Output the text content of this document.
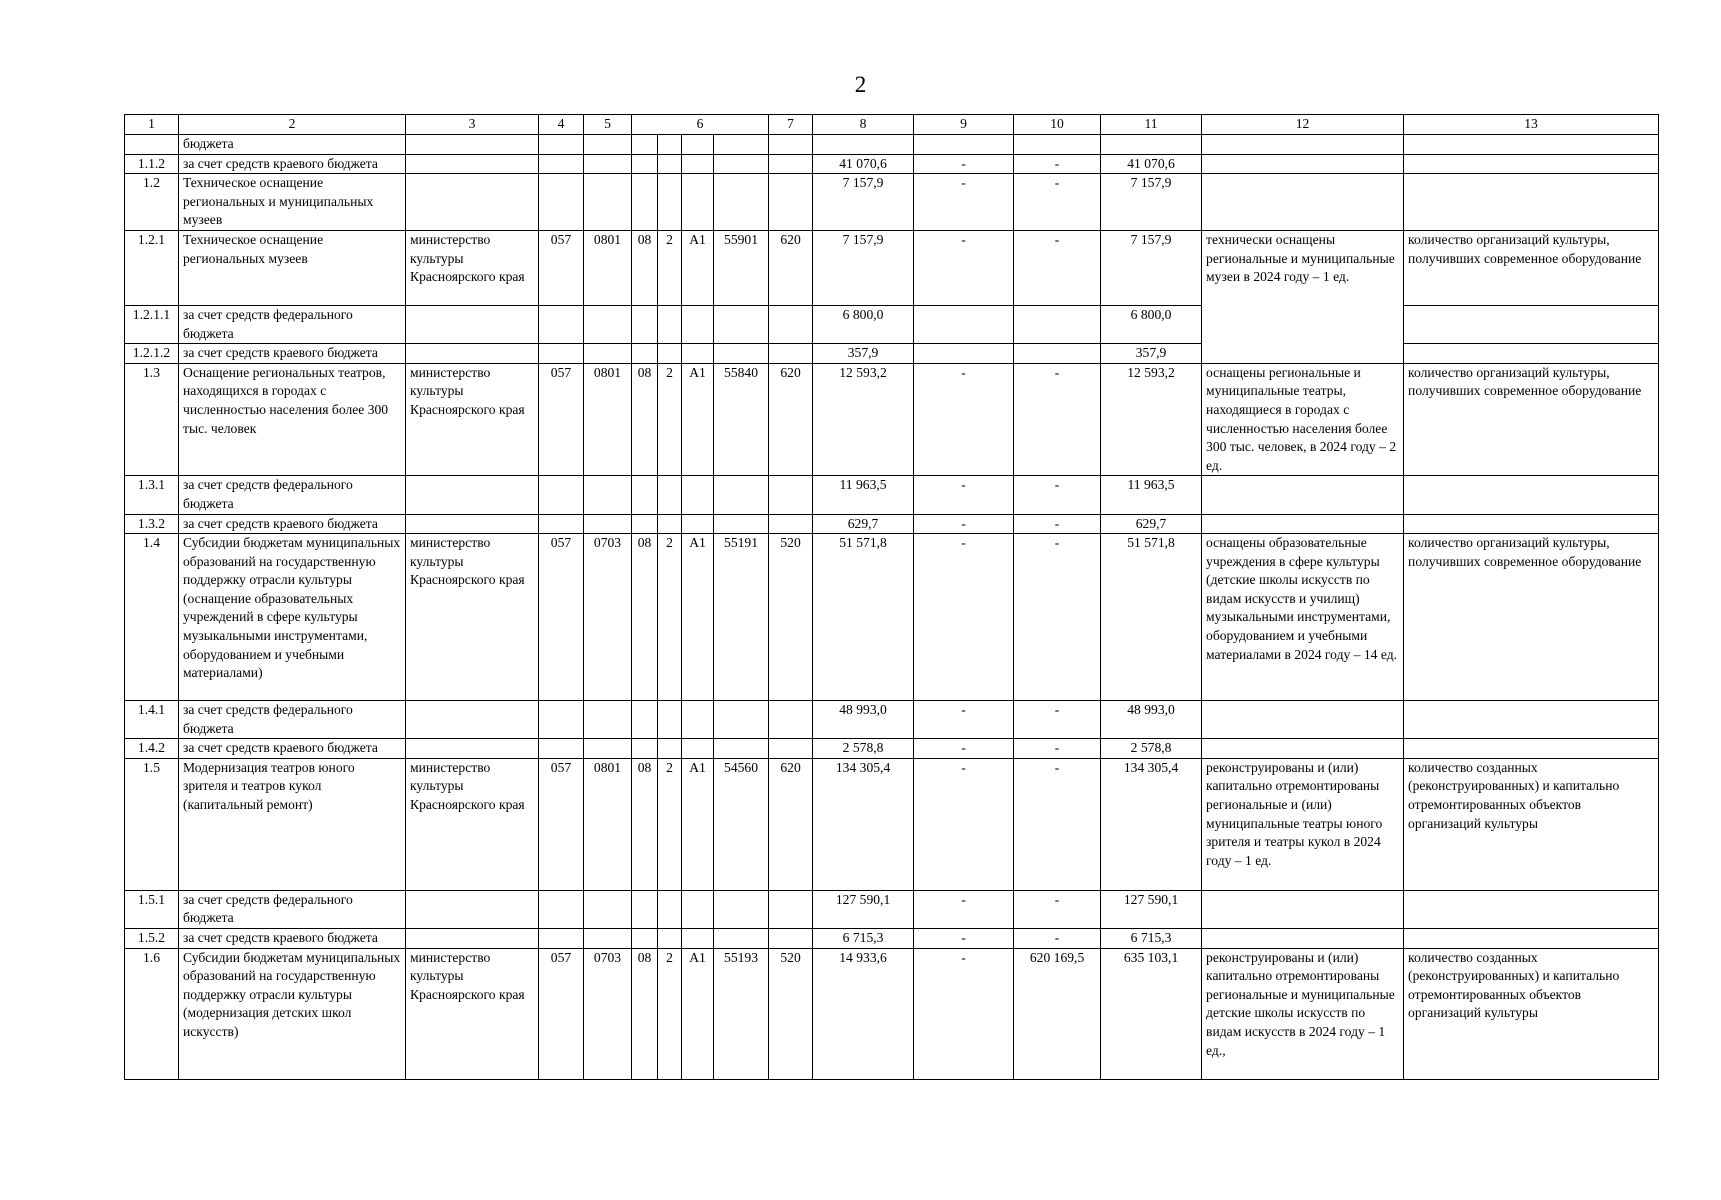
2
1	2	3	4	5	6				7	8	9	10	11	12	13
	бюджета														
1.1.2	за счет средств краевого бюджета									41 070,6	-	-	41 070,6		
1.2	Техническое оснащение региональных и муниципальных музеев									7 157,9	-	-	7 157,9		
1.2.1	Техническое оснащение региональных музеев	министерство культуры Красноярского края	057	0801	08	2	А1	55901	620	7 157,9	-	-	7 157,9	технически оснащены региональные и муниципальные музеи в 2024 году – 1 ед.	количество организаций культуры, получивших современное оборудование
1.2.1.1	за счет средств федерального бюджета									6 800,0			6 800,0		
1.2.1.2	за счет средств краевого бюджета									357,9			357,9		
1.3	Оснащение региональных театров, находящихся в городах с численностью населения более 300 тыс. человек	министерство культуры Красноярского края	057	0801	08	2	А1	55840	620	12 593,2	-	-	12 593,2	оснащены региональные и муниципальные театры, находящиеся в городах с численностью населения более 300 тыс. человек, в 2024 году – 2 ед.	количество организаций культуры, получивших современное оборудование
1.3.1	за счет средств федерального бюджета									11 963,5	-	-	11 963,5		
1.3.2	за счет средств краевого бюджета									629,7	-	-	629,7		
1.4	Субсидии бюджетам муниципальных образований на государственную поддержку отрасли культуры (оснащение образовательных учреждений в сфере культуры музыкальными инструментами, оборудованием и учебными материалами)	министерство культуры Красноярского края	057	0703	08	2	А1	55191	520	51 571,8	-	-	51 571,8	оснащены образовательные учреждения в сфере культуры (детские школы искусств по видам искусств и училищ) музыкальными инструментами, оборудованием и учебными материалами в 2024 году – 14 ед.	количество организаций культуры, получивших современное оборудование
1.4.1	за счет средств федерального бюджета									48 993,0	-	-	48 993,0		
1.4.2	за счет средств краевого бюджета									2 578,8	-	-	2 578,8		
1.5	Модернизация театров юного зрителя и театров кукол (капитальный ремонт)	министерство культуры Красноярского края	057	0801	08	2	А1	54560	620	134 305,4	-	-	134 305,4	реконструированы и (или) капитально отремонтированы региональные и (или) муниципальные театры юного зрителя и театры кукол в 2024 году – 1 ед.	количество созданных (реконструированных) и капитально отремонтированных объектов организаций культуры
1.5.1	за счет средств федерального бюджета									127 590,1	-	-	127 590,1		
1.5.2	за счет средств краевого бюджета									6 715,3	-	-	6 715,3		
1.6	Субсидии бюджетам муниципальных образований на государственную поддержку отрасли культуры (модернизация детских школ искусств)	министерство культуры Красноярского края	057	0703	08	2	А1	55193	520	14 933,6	-	620 169,5	635 103,1	реконструированы и (или) капитально отремонтированы региональные и муниципальные детские школы искусств по видам искусств в 2024 году – 1 ед.,	количество созданных (реконструированных) и капитально отремонтированных объектов организаций культуры
